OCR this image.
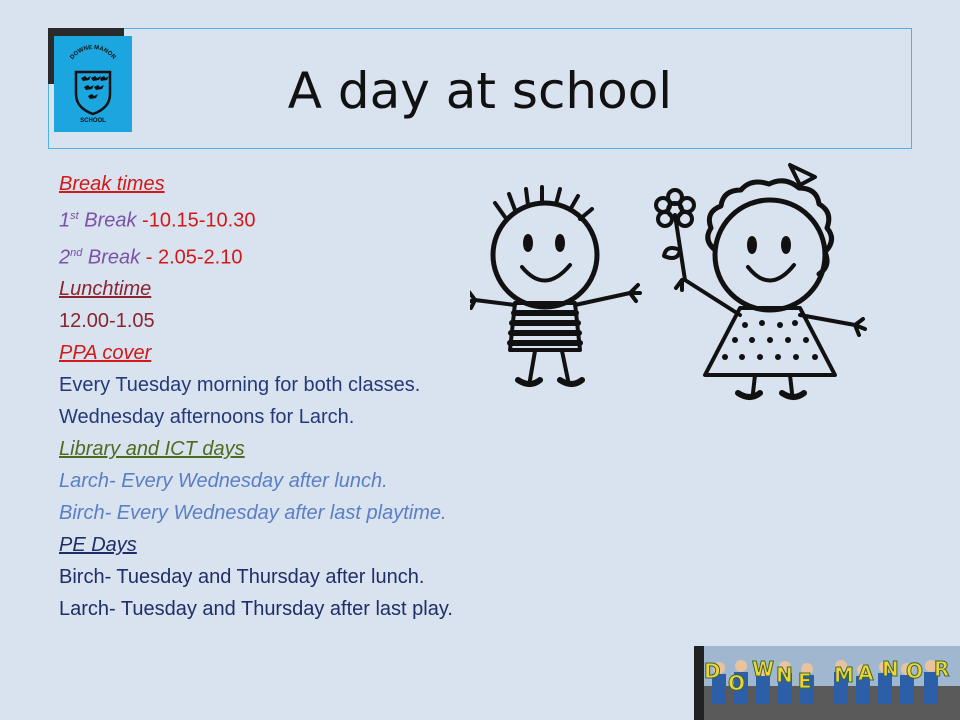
DOWNE MANOR
SCHOOL
A day at school
Break times
1st Break -10.15-10.30
2nd Break - 2.05-2.10
Lunchtime
12.00-1.05
PPA cover
Every Tuesday morning for both classes.
Wednesday afternoons for Larch.
Library and ICT days
Larch- Every Wednesday after lunch.
Birch- Every Wednesday after last playtime.
PE Days
Birch- Tuesday and Thursday after lunch.
Larch- Tuesday and Thursday after last play.
D O
W N E M A N O R
